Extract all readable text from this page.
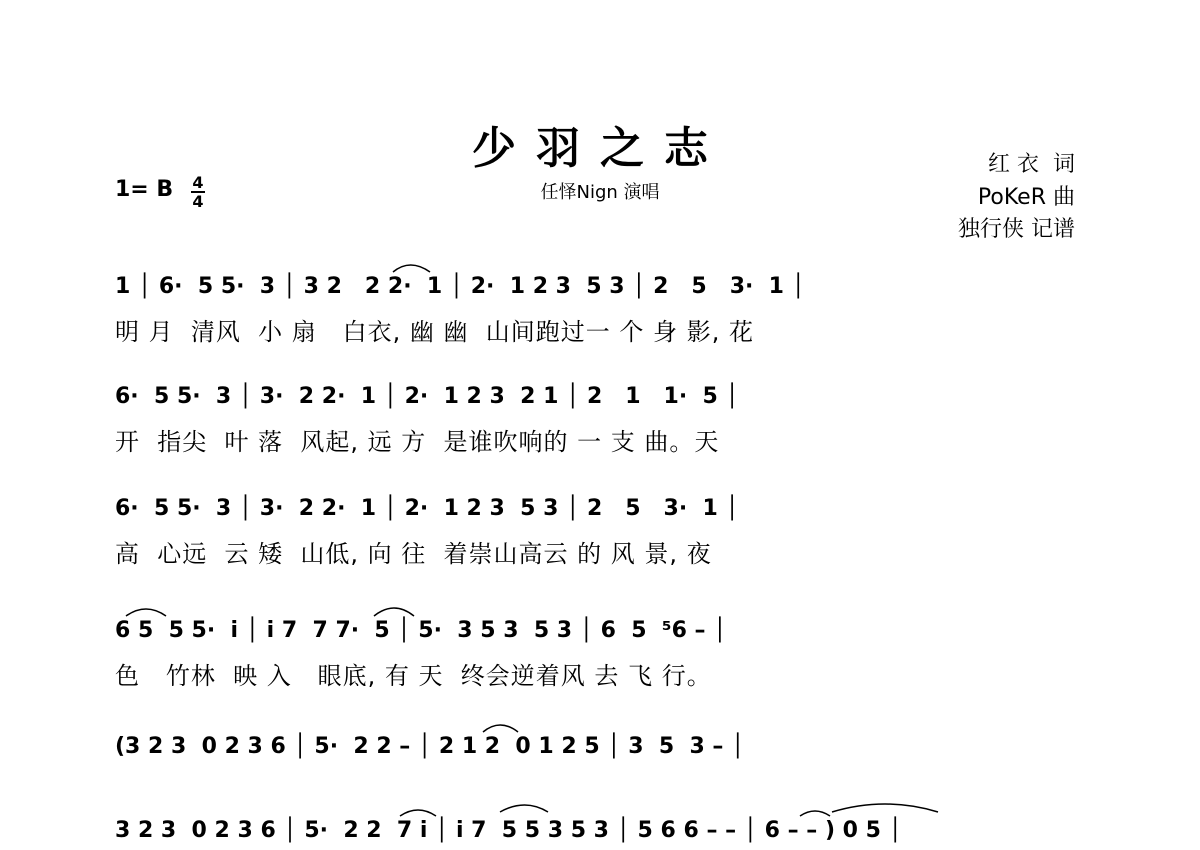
少羽之志
任怿Nign 演唱
红 衣  词
PoKeR 曲
独行侠 记谱
1= B 4
4
1 │ 6·  5 5·  3 │ 3 2   2 2·  1 │ 2·  1 2 3  5 3 │ 2   5   3·  1 │
明 月  清风  小 扇   白衣, 幽 幽  山间跑过一 个 身 影, 花
6·  5 5·  3 │ 3·  2 2·  1 │ 2·  1 2 3  2 1 │ 2   1   1·  5 │
开  指尖  叶 落  风起, 远 方  是谁吹响的 一 支 曲。天
6·  5 5·  3 │ 3·  2 2·  1 │ 2·  1 2 3  5 3 │ 2   5   3·  1 │
高  心远  云 矮  山低, 向 往  着崇山高云 的 风 景, 夜
6 5  5 5·  i │ i 7  7 7·  5 │ 5·  3 5 3  5 3 │ 6  5  ⁵6 – │
色   竹林  映 入   眼底, 有 天  终会逆着风 去 飞 行。
(3 2 3  0 2 3 6 │ 5·  2 2 – │ 2 1 2  0 1 2 5 │ 3  5  3 – │
3 2 3  0 2 3 6 │ 5·  2 2  7 i │ i 7  5 5 3 5 3 │ 5 6 6 – – │ 6 – – ) 0 5 │
